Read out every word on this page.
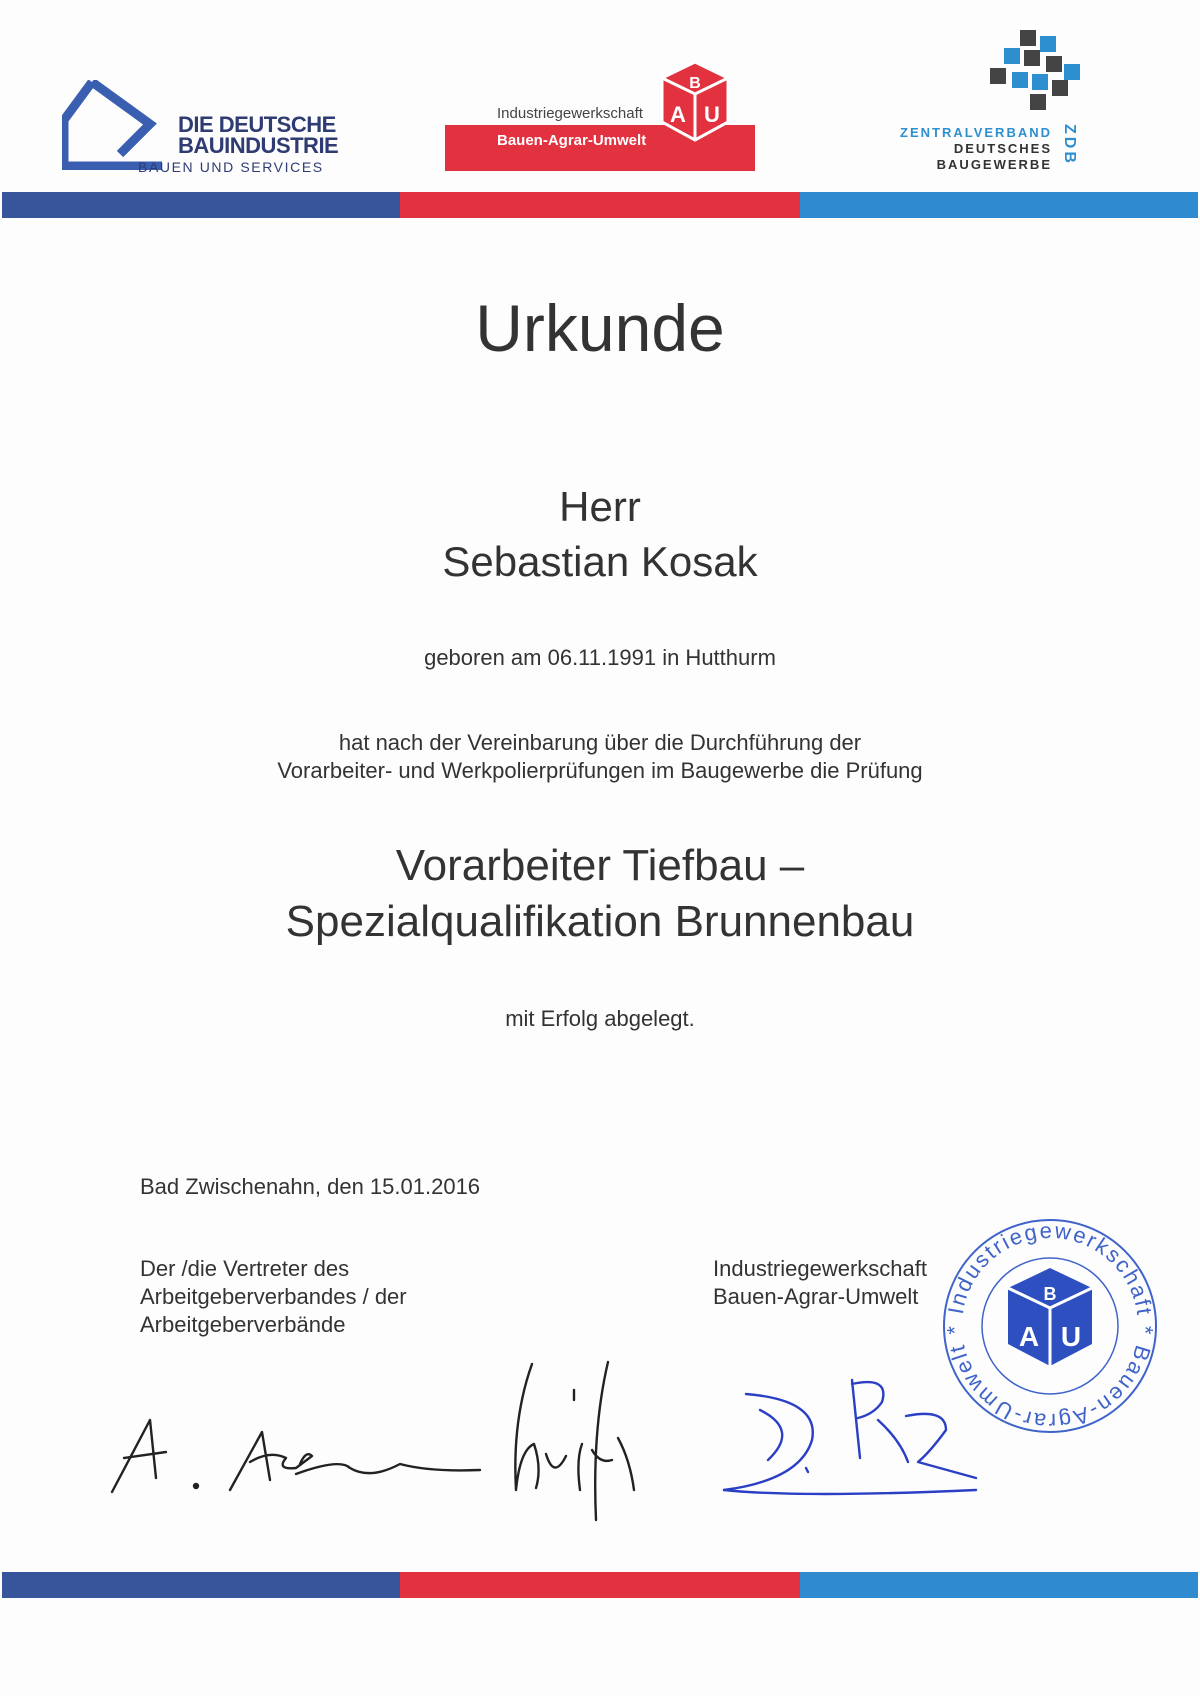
DIE DEUTSCHE
BAUINDUSTRIE
BAUEN UND SERVICES
Industriegewerkschaft
Bauen-Agrar-Umwelt
B
A U
ZENTRALVERBAND
DEUTSCHES
BAUGEWERBE ZDB
Urkunde
Herr
Sebastian Kosak
geboren am 06.11.1991 in Hutthurm
hat nach der Vereinbarung über die Durchführung der
Vorarbeiter- und Werkpolierprüfungen im Baugewerbe die Prüfung
Vorarbeiter Tiefbau –
Spezialqualifikation Brunnenbau
mit Erfolg abgelegt.
Bad Zwischenahn, den 15.01.2016
Der /die Vertreter des
Arbeitgeberverbandes / der
Arbeitgeberverbände
Industriegewerkschaft
Bauen-Agrar-Umwelt
Industriegewerkschaft * Bauen-Agrar-Umwelt *
B
A U
